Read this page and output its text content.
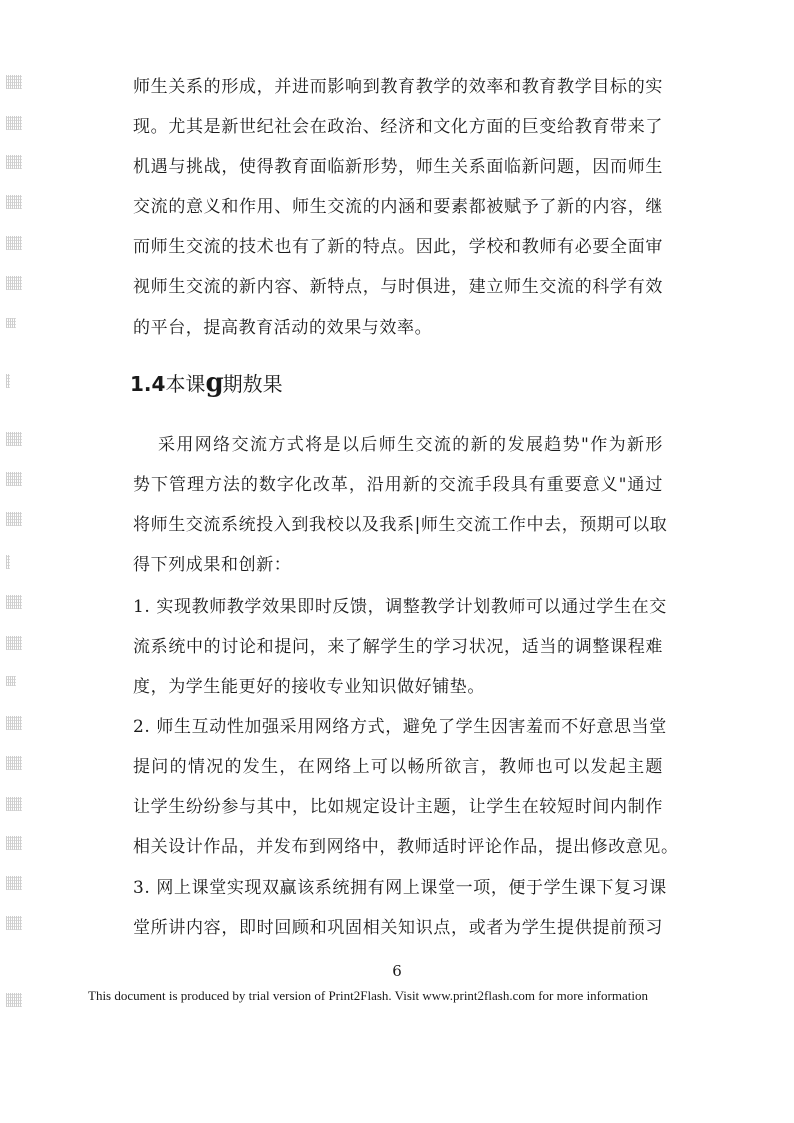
师生关系的形成，并进而影响到教育教学的效率和教育教学目标的实
现。尤其是新世纪社会在政治、经济和文化方面的巨变给教育带来了
机遇与挑战，使得教育面临新形势，师生关系面临新问题，因而师生
交流的意义和作用、师生交流的内涵和要素都被赋予了新的内容，继
而师生交流的技术也有了新的特点。因此，学校和教师有必要全面审
视师生交流的新内容、新特点，与时俱进，建立师生交流的科学有效
的平台，提高教育活动的效果与效率。
1.4本课g期敖果
采用网络交流方式将是以后师生交流的新的发展趋势"作为新形
势下管理方法的数字化改革，沿用新的交流手段具有重要意义"通过
将师生交流系统投入到我校以及我系|师生交流工作中去，预期可以取
得下列成果和创新：
1. 实现教师教学效果即时反馈，调整教学计划教师可以通过学生在交
流系统中的讨论和提问，来了解学生的学习状况，适当的调整课程难
度，为学生能更好的接收专业知识做好铺垫。
2. 师生互动性加强采用网络方式，避免了学生因害羞而不好意思当堂
提问的情况的发生，在网络上可以畅所欲言，教师也可以发起主题
让学生纷纷参与其中，比如规定设计主题，让学生在较短时间内制作
相关设计作品，并发布到网络中，教师适时评论作品，提出修改意见。
3. 网上课堂实现双赢该系统拥有网上课堂一项，便于学生课下复习课
堂所讲内容，即时回顾和巩固相关知识点，或者为学生提供提前预习
6
This document is produced by trial version of Print2Flash. Visit www.print2flash.com for more information
